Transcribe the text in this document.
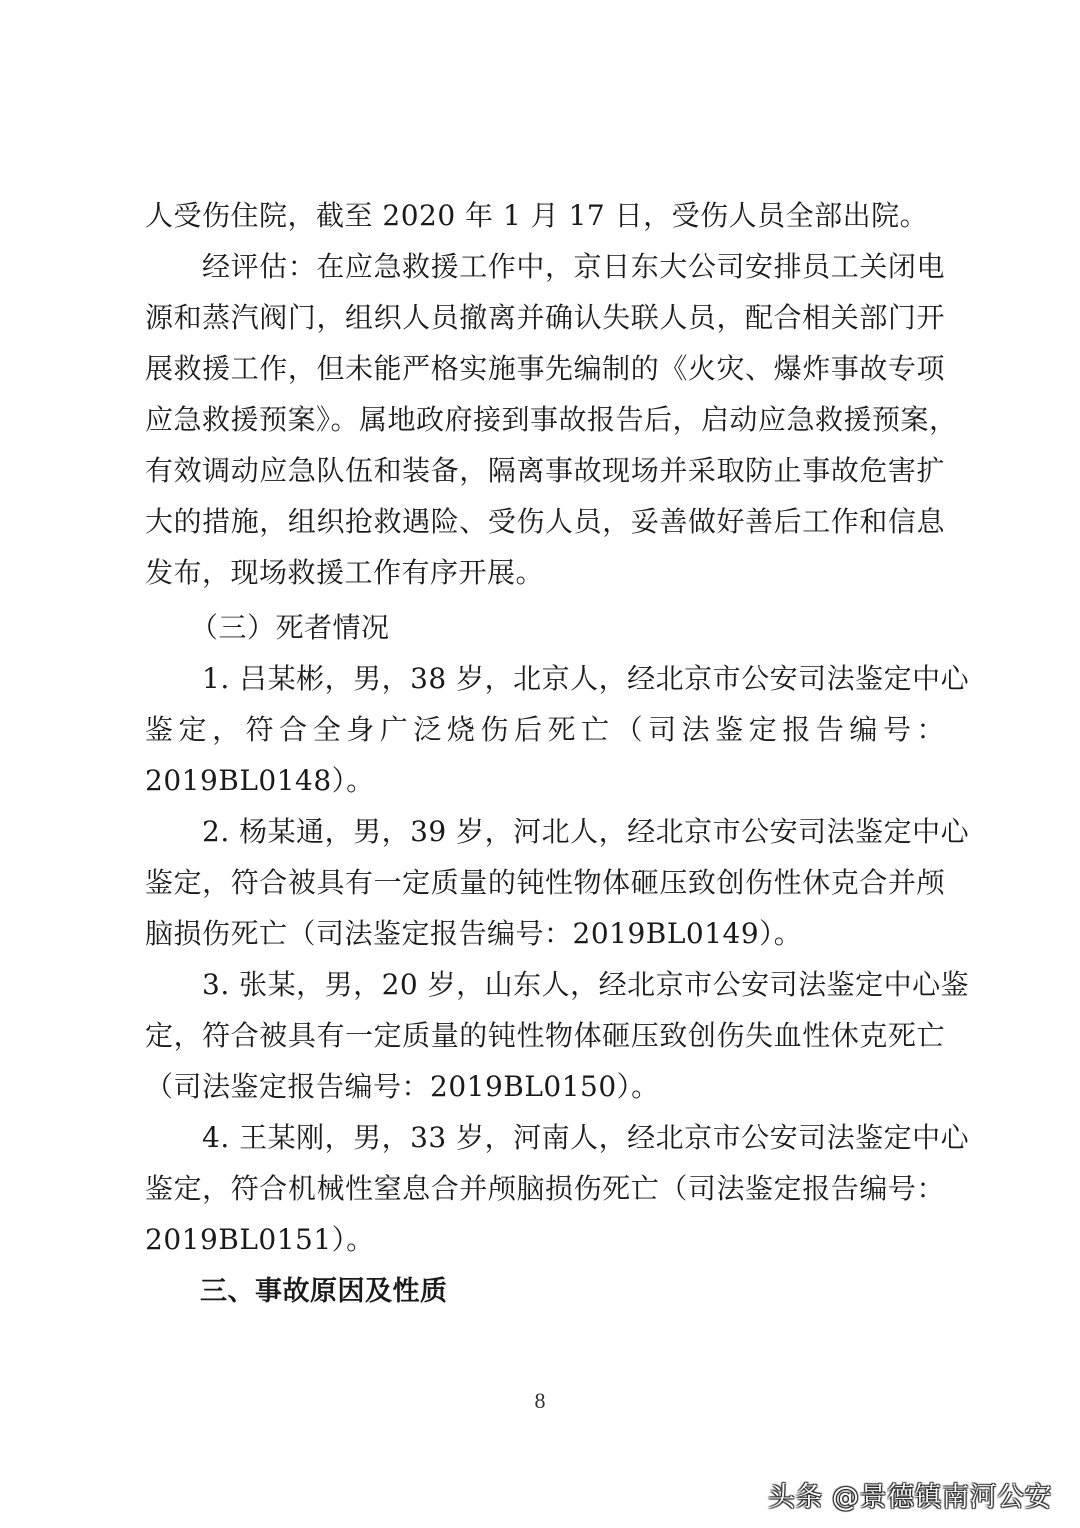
人受伤住院，截至 2020 年 1 月 17 日，受伤人员全部出院。
经评估：在应急救援工作中，京日东大公司安排员工关闭电
源和蒸汽阀门，组织人员撤离并确认失联人员，配合相关部门开
展救援工作，但未能严格实施事先编制的《火灾、爆炸事故专项
应急救援预案》。属地政府接到事故报告后，启动应急救援预案，
有效调动应急队伍和装备，隔离事故现场并采取防止事故危害扩
大的措施，组织抢救遇险、受伤人员，妥善做好善后工作和信息
发布，现场救援工作有序开展。
（三）死者情况
1. 吕某彬，男，38 岁，北京人，经北京市公安司法鉴定中心
鉴定，符合全身广泛烧伤后死亡（司法鉴定报告编号：
2019BL0148）。
2. 杨某通，男，39 岁，河北人，经北京市公安司法鉴定中心
鉴定，符合被具有一定质量的钝性物体砸压致创伤性休克合并颅
脑损伤死亡（司法鉴定报告编号：2019BL0149）。
3. 张某，男，20 岁，山东人，经北京市公安司法鉴定中心鉴
定，符合被具有一定质量的钝性物体砸压致创伤失血性休克死亡
（司法鉴定报告编号：2019BL0150）。
4. 王某刚，男，33 岁，河南人，经北京市公安司法鉴定中心
鉴定，符合机械性窒息合并颅脑损伤死亡（司法鉴定报告编号：
2019BL0151）。
三、事故原因及性质
8
头条 @景德镇南河公安
